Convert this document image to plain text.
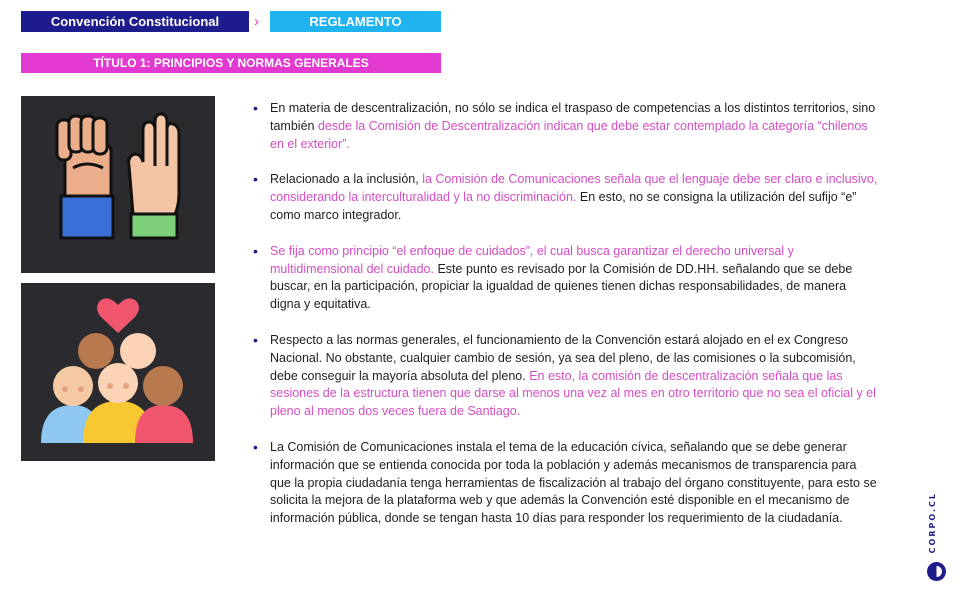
Convención Constitucional	›	REGLAMENTO
TÍTULO 1: PRINCIPIOS Y NORMAS GENERALES
• En materia de descentralización, no sólo se indica el traspaso de competencias a los distintos territorios, sino también desde la Comisión de Descentralización indican que debe estar contemplado la categoría “chilenos en el exterior”.
• Relacionado a la inclusión, la Comisión de Comunicaciones señala que el lenguaje debe ser claro e inclusivo, considerando la interculturalidad y la no discriminación. En esto, no se consigna la utilización del sufijo “e” como marco integrador.
• Se fija como principio “el enfoque de cuidados”, el cual busca garantizar el derecho universal y multidimensional del cuidado. Este punto es revisado por la Comisión de DD.HH. señalando que se debe buscar, en la participación, propiciar la igualdad de quienes tienen dichas responsabilidades, de manera digna y equitativa.
• Respecto a las normas generales, el funcionamiento de la Convención estará alojado en el ex Congreso Nacional. No obstante, cualquier cambio de sesión, ya sea del pleno, de las comisiones o la subcomisión, debe conseguir la mayoría absoluta del pleno. En esto, la comisión de descentralización señala que las sesiones de la estructura tienen que darse al menos una vez al mes en otro territorio que no sea el oficial y el pleno al menos dos veces fuera de Santiago.
• La Comisión de Comunicaciones instala el tema de la educación cívica, señalando que se debe generar información que se entienda conocida por toda la población y además mecanismos de transparencia para que la propia ciudadanía tenga herramientas de fiscalización al trabajo del órgano constituyente, para esto se solicita la mejora de la plataforma web y que además la Convención esté disponible en el mecanismo de información pública, donde se tengan hasta 10 días para responder los requerimiento de la ciudadanía.	CORPO.CL
